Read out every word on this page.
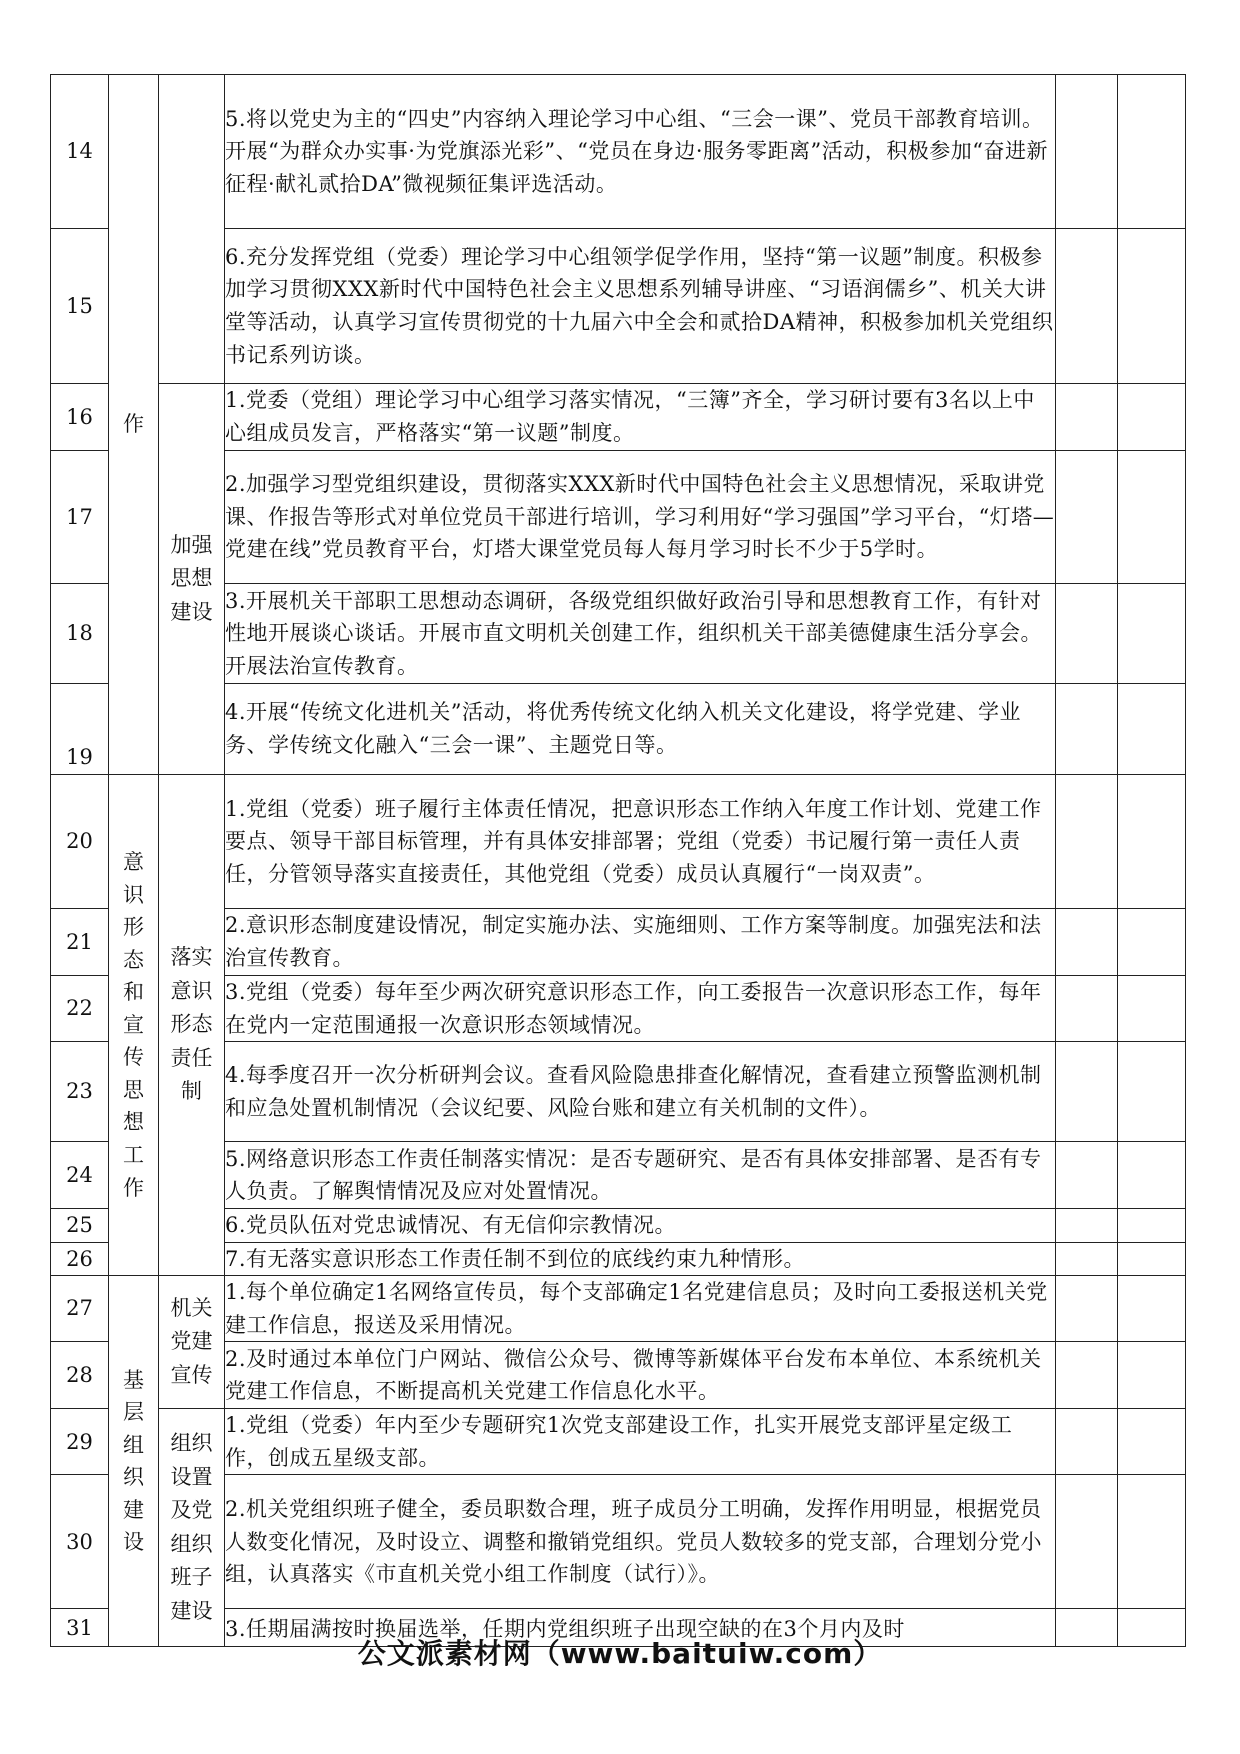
14	作		5.将以党史为主的“四史”内容纳入理论学习中心组、“三会一课”、党员干部教育培训。开展“为群众办实事·为党旗添光彩”、“党员在身边·服务零距离”活动，积极参加“奋进新征程·献礼贰拾DA”微视频征集评选活动。		
15			6.充分发挥党组（党委）理论学习中心组领学促学作用，坚持“第一议题”制度。积极参加学习贯彻XXX新时代中国特色社会主义思想系列辅导讲座、“习语润儒乡”、机关大讲堂等活动，认真学习宣传贯彻党的十九届六中全会和贰拾DA精神，积极参加机关党组织书记系列访谈。		
16		加强思想建设	1.党委（党组）理论学习中心组学习落实情况，“三簿”齐全，学习研讨要有3名以上中心组成员发言，严格落实“第一议题”制度。		
17			2.加强学习型党组织建设，贯彻落实XXX新时代中国特色社会主义思想情况，采取讲党课、作报告等形式对单位党员干部进行培训，学习利用好“学习强国”学习平台，“灯塔—党建在线”党员教育平台，灯塔大课堂党员每人每月学习时长不少于5学时。		
18			3.开展机关干部职工思想动态调研，各级党组织做好政治引导和思想教育工作，有针对性地开展谈心谈话。开展市直文明机关创建工作，组织机关干部美德健康生活分享会。开展法治宣传教育。		
19			4.开展“传统文化进机关”活动，将优秀传统文化纳入机关文化建设，将学党建、学业务、学传统文化融入“三会一课”、主题党日等。		
20	意识形态和宣传思想工作	落实意识形态责任制	1.党组（党委）班子履行主体责任情况，把意识形态工作纳入年度工作计划、党建工作要点、领导干部目标管理，并有具体安排部署；党组（党委）书记履行第一责任人责任，分管领导落实直接责任，其他党组（党委）成员认真履行“一岗双责”。		
21			2.意识形态制度建设情况，制定实施办法、实施细则、工作方案等制度。加强宪法和法治宣传教育。		
22			3.党组（党委）每年至少两次研究意识形态工作，向工委报告一次意识形态工作，每年在党内一定范围通报一次意识形态领域情况。		
23			4.每季度召开一次分析研判会议。查看风险隐患排查化解情况，查看建立预警监测机制和应急处置机制情况（会议纪要、风险台账和建立有关机制的文件）。		
24			5.网络意识形态工作责任制落实情况：是否专题研究、是否有具体安排部署、是否有专人负责。了解舆情情况及应对处置情况。		
25			6.党员队伍对党忠诚情况、有无信仰宗教情况。		
26			7.有无落实意识形态工作责任制不到位的底线约束九种情形。		
27	基层组织建设	机关党建宣传	1.每个单位确定1名网络宣传员，每个支部确定1名党建信息员；及时向工委报送机关党建工作信息，报送及采用情况。		
28			2.及时通过本单位门户网站、微信公众号、微博等新媒体平台发布本单位、本系统机关党建工作信息，不断提高机关党建工作信息化水平。		
29		组织设置及党组织班子建设	1.党组（党委）年内至少专题研究1次党支部建设工作，扎实开展党支部评星定级工作，创成五星级支部。		
30			2.机关党组织班子健全，委员职数合理，班子成员分工明确，发挥作用明显，根据党员人数变化情况，及时设立、调整和撤销党组织。党员人数较多的党支部，合理划分党小组，认真落实《市直机关党小组工作制度（试行）》。		
31			3.任期届满按时换届选举，任期内党组织班子出现空缺的在3个月内及时		
公文派素材网（www.baituiw.com）
